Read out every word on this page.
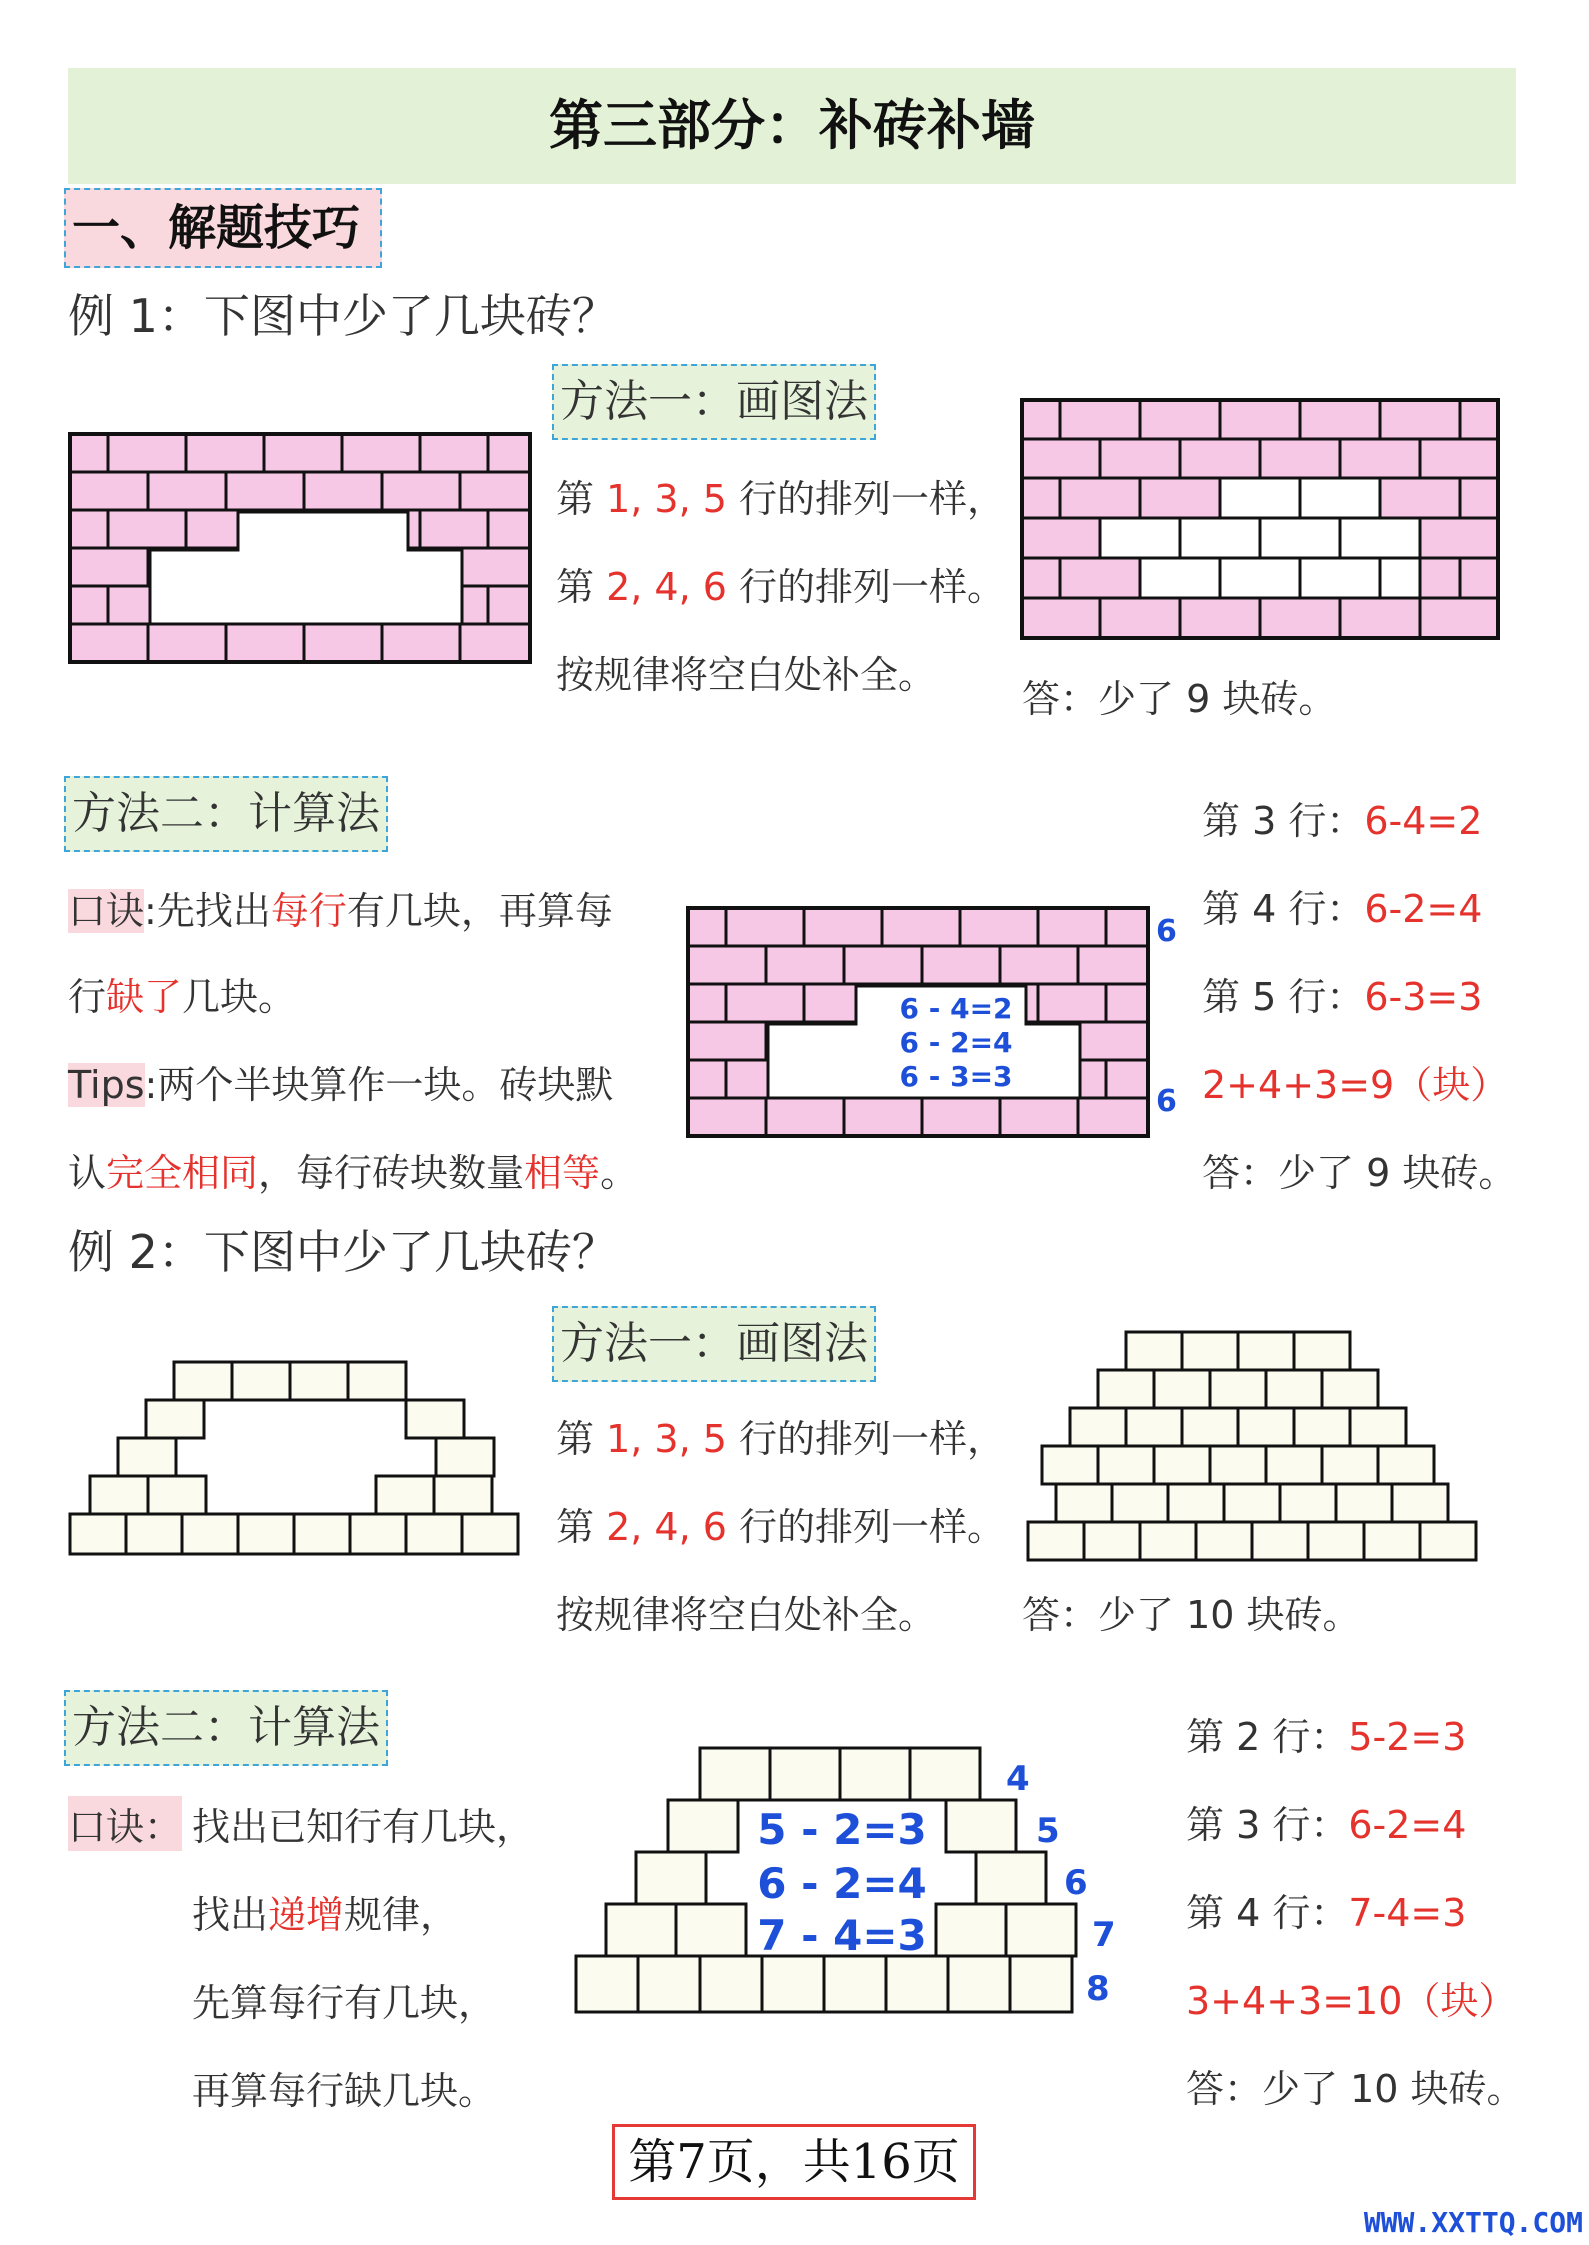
第三部分：补砖补墙
一、解题技巧
例 1：下图中少了几块砖？
方法一：画图法
第 1, 3, 5 行的排列一样，
第 2, 4, 6 行的排列一样。
按规律将空白处补全。
答：少了 9 块砖。
方法二：计算法
口诀:先找出每行有几块，再算每
行缺了几块。
Tips:两个半块算作一块。砖块默
认完全相同，每行砖块数量相等。
6 - 4=2
6 - 2=4
6 - 3=3
6
6
第 3 行：6-4=2
第 4 行：6-2=4
第 5 行：6-3=3
2+4+3=9（块）
答：少了 9 块砖。
例 2：下图中少了几块砖？
方法一：画图法
第 1, 3, 5 行的排列一样，
第 2, 4, 6 行的排列一样。
按规律将空白处补全。 答：少了 10 块砖。
方法二：计算法
口诀： 找出已知行有几块，
找出递增规律，
先算每行有几块，
再算每行缺几块。
5 - 2=3
6 - 2=4
7 - 4=3
4
5
6
7
8
第 2 行：5-2=3
第 3 行：6-2=4
第 4 行：7-4=3
3+4+3=10（块）
答：少了 10 块砖。
第7页，共16页
WWW.XXTTQ.COM
